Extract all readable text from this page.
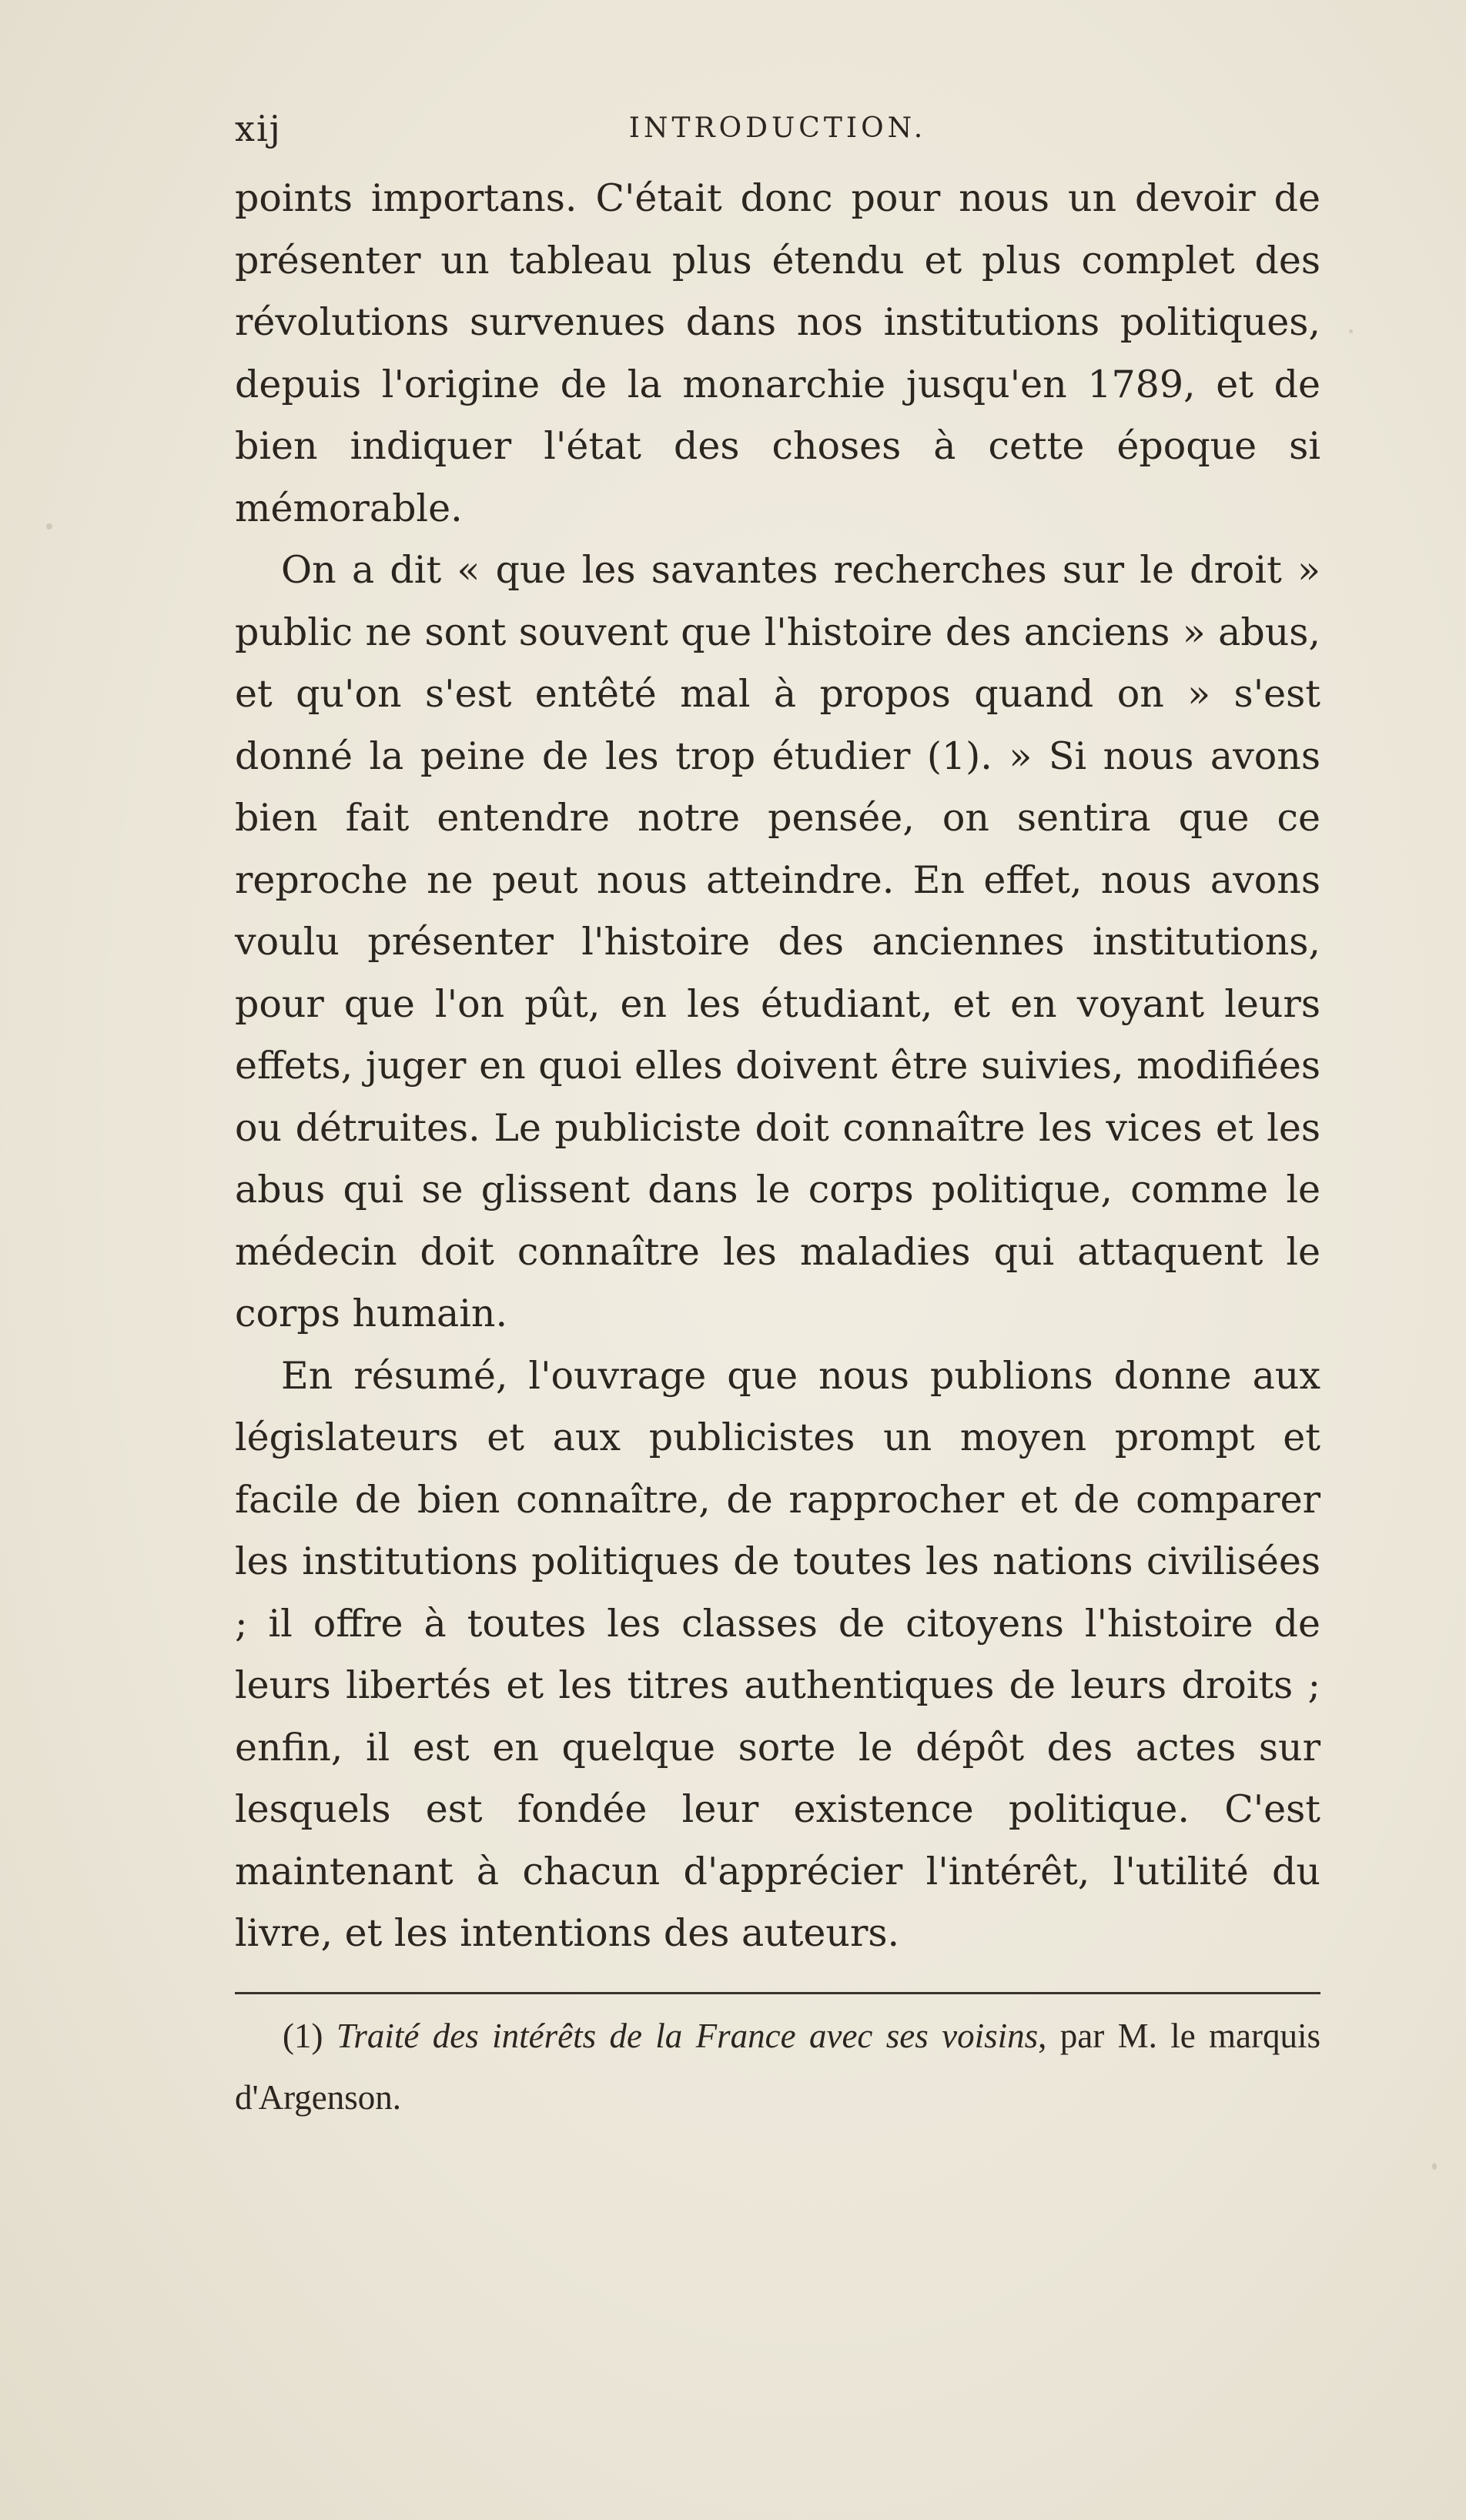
xij	INTRODUCTION.

points importans. C'était donc pour nous un devoir de présenter un tableau plus étendu et plus complet des révolutions survenues dans nos institutions politiques, depuis l'origine de la monarchie jusqu'en 1789, et de bien indiquer l'état des choses à cette époque si mémorable.

On a dit « que les savantes recherches sur le droit » public ne sont souvent que l'histoire des anciens » abus, et qu'on s'est entêté mal à propos quand on » s'est donné la peine de les trop étudier (1). » Si nous avons bien fait entendre notre pensée, on sentira que ce reproche ne peut nous atteindre. En effet, nous avons voulu présenter l'histoire des anciennes institutions, pour que l'on pût, en les étudiant, et en voyant leurs effets, juger en quoi elles doivent être suivies, modifiées ou détruites. Le publiciste doit connaître les vices et les abus qui se glissent dans le corps politique, comme le médecin doit connaître les maladies qui attaquent le corps humain.

En résumé, l'ouvrage que nous publions donne aux législateurs et aux publicistes un moyen prompt et facile de bien connaître, de rapprocher et de comparer les institutions politiques de toutes les nations civilisées ; il offre à toutes les classes de citoyens l'histoire de leurs libertés et les titres authentiques de leurs droits ; enfin, il est en quelque sorte le dépôt des actes sur lesquels est fondée leur existence politique. C'est maintenant à chacun d'apprécier l'intérêt, l'utilité du livre, et les intentions des auteurs.

(1) Traité des intérêts de la France avec ses voisins, par M. le marquis d'Argenson.
